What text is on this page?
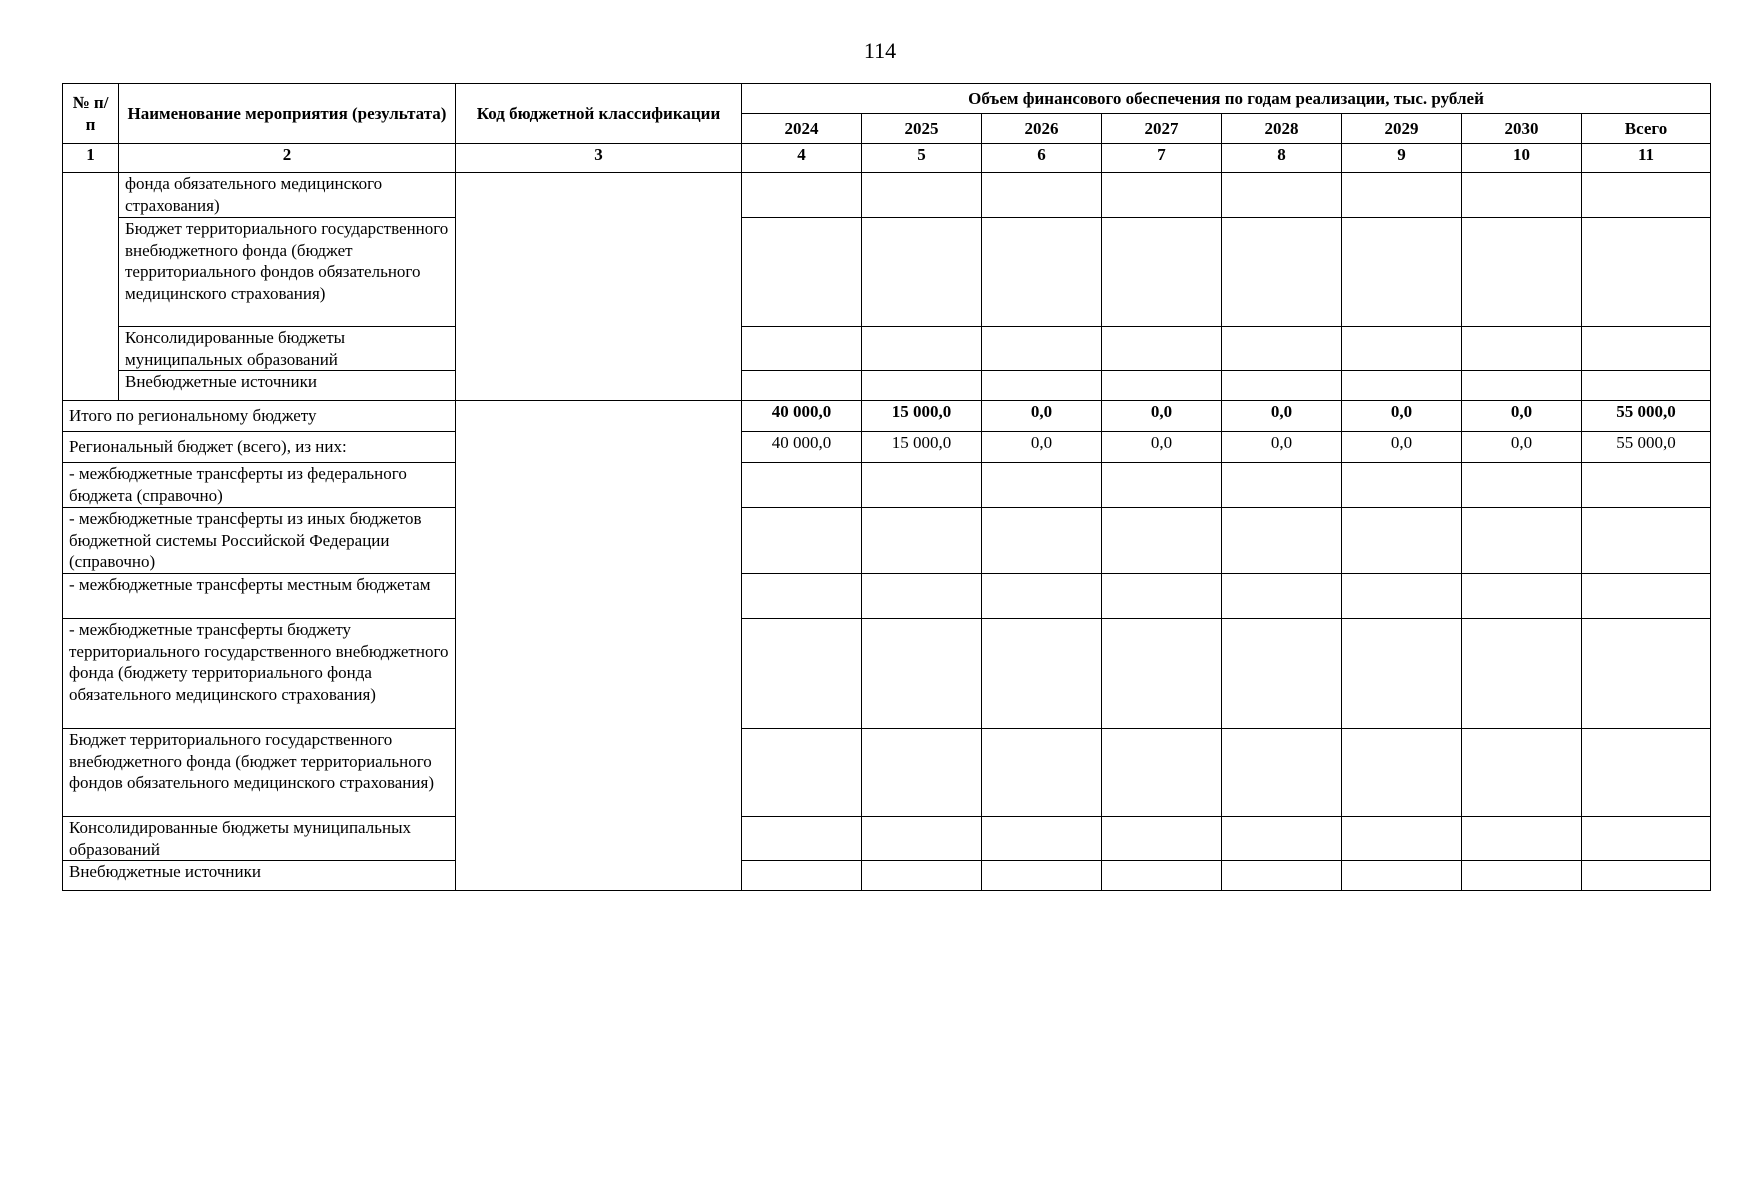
114
№ п/п	Наименование мероприятия (результата)	Код бюджетной классификации	Объем финансового обеспечения по годам реализации, тыс. рублей							
			2024	2025	2026	2027	2028	2029	2030	Всего
1	2	3	4	5	6	7	8	9	10	11
	фонда обязательного медицинского страхования)									
	Бюджет территориального государственного внебюджетного фонда (бюджет территориального фондов обязательного медицинского страхования)									
	Консолидированные бюджеты муниципальных образований									
	Внебюджетные источники									
Итого по региональному бюджету			40 000,0	15 000,0	0,0	0,0	0,0	0,0	0,0	55 000,0
Региональный бюджет (всего), из них:			40 000,0	15 000,0	0,0	0,0	0,0	0,0	0,0	55 000,0
- межбюджетные трансферты из федерального бюджета (справочно)										
- межбюджетные трансферты из иных бюджетов бюджетной системы Российской Федерации (справочно)										
- межбюджетные трансферты местным бюджетам										
- межбюджетные трансферты бюджету территориального государственного внебюджетного фонда (бюджету территориального фонда обязательного медицинского страхования)										
Бюджет территориального государственного внебюджетного фонда (бюджет территориального фондов обязательного медицинского страхования)										
Консолидированные бюджеты муниципальных образований										
Внебюджетные источники										
